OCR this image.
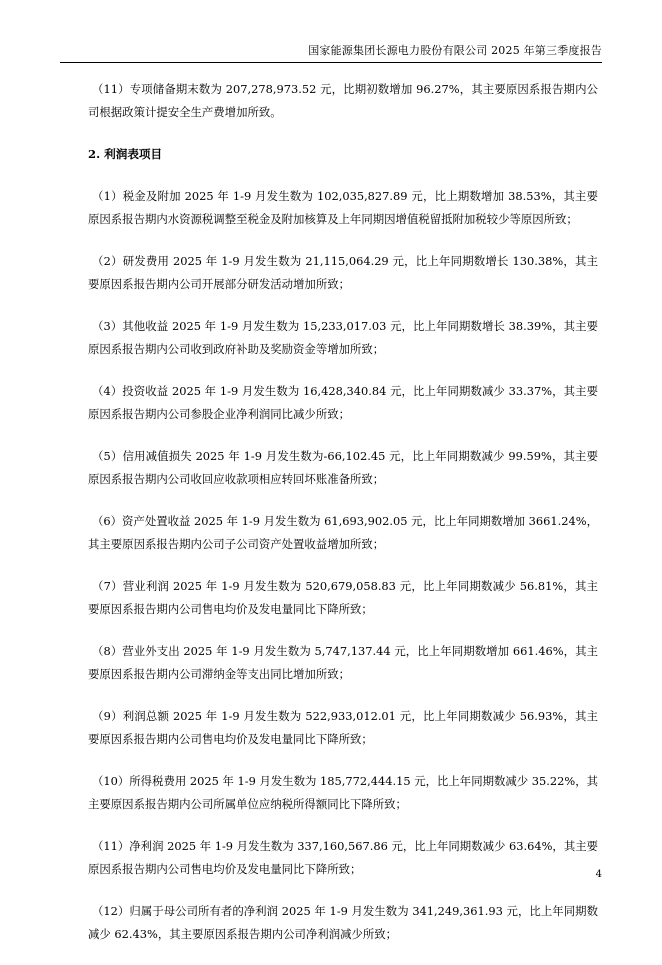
国家能源集团长源电力股份有限公司 2025 年第三季度报告

（11）专项储备期末数为 207,278,973.52 元，比期初数增加 96.27%，其主要原因系报告期内公司根据政策计提安全生产费增加所致。

2. 利润表项目

（1）税金及附加 2025 年 1-9 月发生数为 102,035,827.89 元，比上期数增加 38.53%，其主要原因系报告期内水资源税调整至税金及附加核算及上年同期因增值税留抵附加税较少等原因所致；

（2）研发费用 2025 年 1-9 月发生数为 21,115,064.29 元，比上年同期数增长 130.38%，其主要原因系报告期内公司开展部分研发活动增加所致；

（3）其他收益 2025 年 1-9 月发生数为 15,233,017.03 元，比上年同期数增长 38.39%，其主要原因系报告期内公司收到政府补助及奖励资金等增加所致；

（4）投资收益 2025 年 1-9 月发生数为 16,428,340.84 元，比上年同期数减少 33.37%，其主要原因系报告期内公司参股企业净利润同比减少所致；

（5）信用减值损失 2025 年 1-9 月发生数为-66,102.45 元，比上年同期数减少 99.59%，其主要原因系报告期内公司收回应收款项相应转回坏账准备所致；

（6）资产处置收益 2025 年 1-9 月发生数为 61,693,902.05 元，比上年同期数增加 3661.24%，其主要原因系报告期内公司子公司资产处置收益增加所致；

（7）营业利润 2025 年 1-9 月发生数为 520,679,058.83 元，比上年同期数减少 56.81%，其主要原因系报告期内公司售电均价及发电量同比下降所致；

（8）营业外支出 2025 年 1-9 月发生数为 5,747,137.44 元，比上年同期数增加 661.46%，其主要原因系报告期内公司滞纳金等支出同比增加所致；

（9）利润总额 2025 年 1-9 月发生数为 522,933,012.01 元，比上年同期数减少 56.93%，其主要原因系报告期内公司售电均价及发电量同比下降所致；

（10）所得税费用 2025 年 1-9 月发生数为 185,772,444.15 元，比上年同期数减少 35.22%，其主要原因系报告期内公司所属单位应纳税所得额同比下降所致；

（11）净利润 2025 年 1-9 月发生数为 337,160,567.86 元，比上年同期数减少 63.64%，其主要原因系报告期内公司售电均价及发电量同比下降所致；

（12）归属于母公司所有者的净利润 2025 年 1-9 月发生数为 341,249,361.93 元，比上年同期数减少 62.43%，其主要原因系报告期内公司净利润减少所致；

4
